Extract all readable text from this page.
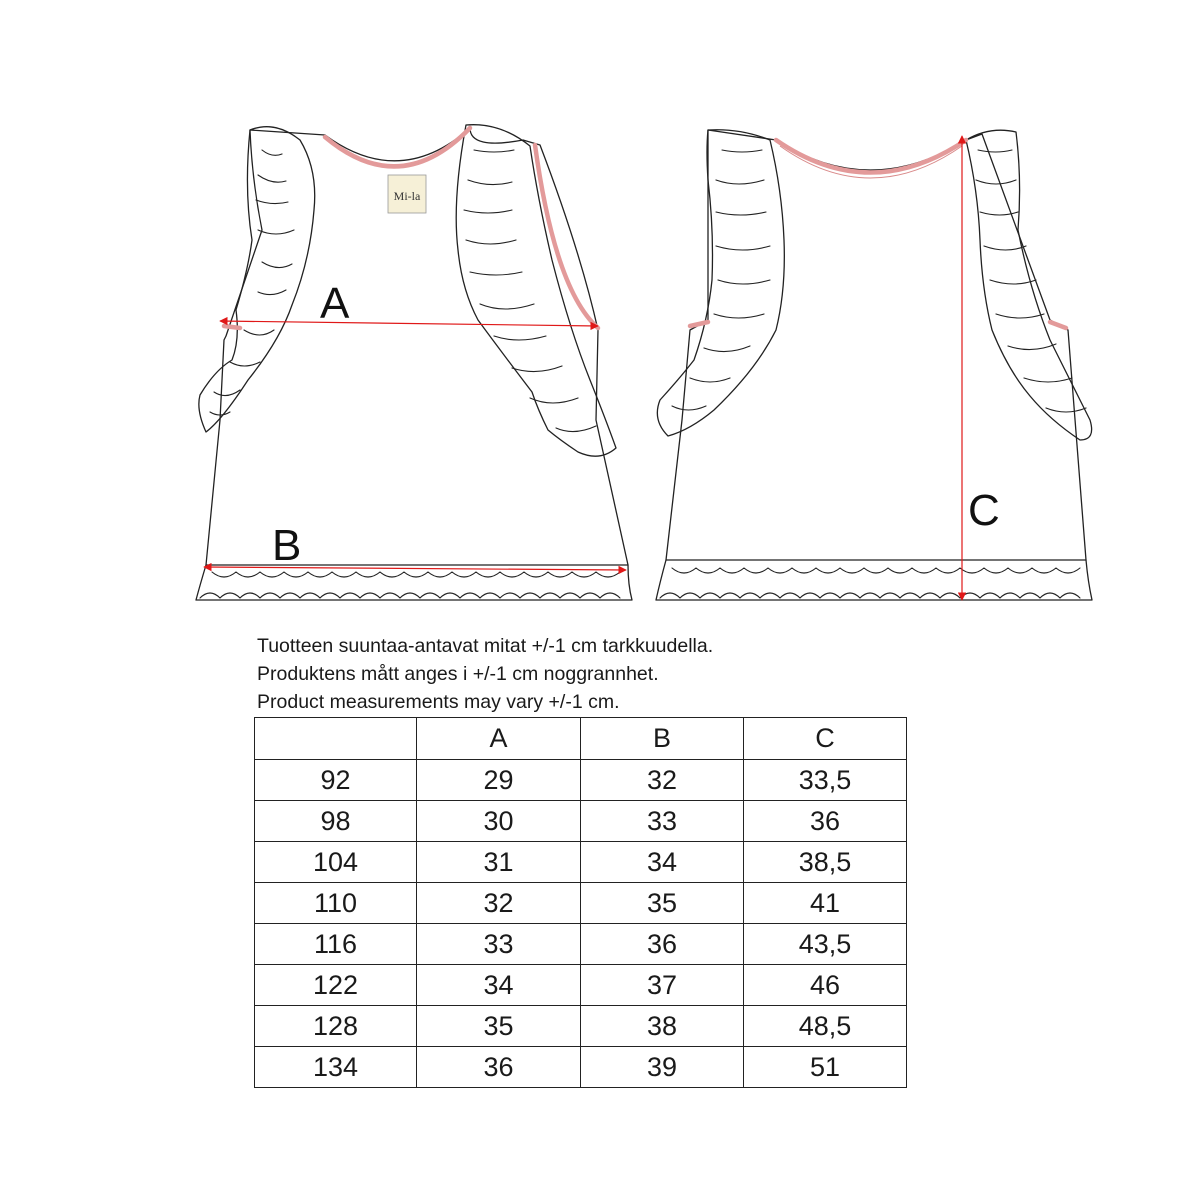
Mi-la
A
B
C
Tuotteen suuntaa-antavat mitat +/-1 cm tarkkuudella.
Produktens mått anges i +/-1 cm noggrannhet.
Product measurements may vary +/-1 cm.
	A	B	C
92	29	32	33,5
98	30	33	36
104	31	34	38,5
110	32	35	41
116	33	36	43,5
122	34	37	46
128	35	38	48,5
134	36	39	51
